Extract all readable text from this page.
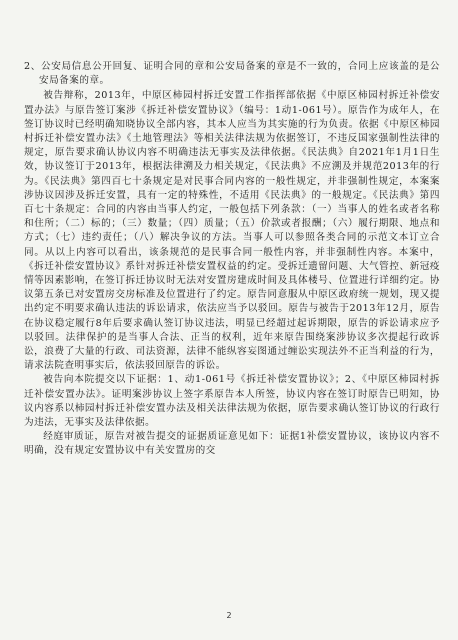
2、公安局信息公开回复、证明合同的章和公安局备案的章是不一致的，合同上应该盖的是公安局备案的章。

被告辩称，2013年，中原区柿园村拆迁安置工作指挥部依据《中原区柿园村拆迁补偿安置办法》与原告签订案涉《拆迁补偿安置协议》（编号：1动1-061号）。原告作为成年人，在签订协议时已经明确知晓协议全部内容，其本人应当为其实施的行为负责。依据《中原区柿园村拆迁补偿安置办法》《土地管理法》等相关法律法规为依据签订，不违反国家强制性法律的规定，原告要求确认协议内容不明确违法无事实及法律依据。《民法典》自2021年1月1日生效，协议签订于2013年，根据法律溯及力相关规定，《民法典》不应溯及并规范2013年的行为。《民法典》第四百七十条规定是对民事合同内容的一般性规定，并非强制性规定，本案案涉协议因涉及拆迁安置，具有一定的特殊性，不适用《民法典》的一般规定。《民法典》第四百七十条规定：合同的内容由当事人约定，一般包括下列条款：（一）当事人的姓名或者名称和住所；（二）标的；（三）数量；（四）质量；（五）价款或者报酬；（六）履行期限、地点和方式；（七）违约责任；（八）解决争议的方法。当事人可以参照各类合同的示范文本订立合同。从以上内容可以看出，该条规范的是民事合同一般性内容，并非强制性内容。本案中，《拆迁补偿安置协议》系针对拆迁补偿安置权益的约定。受拆迁遗留问题、大气管控、新冠疫情等因素影响，在签订拆迁协议时无法对安置房建成时间及具体楼号、位置进行详细约定。协议第五条已对安置房交房标准及位置进行了约定。原告同意服从中原区政府统一规划，现又提出约定不明要求确认违法的诉讼请求，依法应当予以驳回。原告与被告于2013年12月，原告在协议稳定履行8年后要求确认签订协议违法，明显已经超过起诉期限，原告的诉讼请求应予以驳回。法律保护的是当事人合法、正当的权利，近年来原告围绕案涉协议多次提起行政诉讼，浪费了大量的行政、司法资源，法律不能纵容妄图通过缠讼实现法外不正当利益的行为，请求法院查明事实后，依法驳回原告的诉讼。

被告向本院提交以下证据：1、动1-061号《拆迁补偿安置协议》；2、《中原区柿园村拆迁补偿安置办法》。证明案涉协议上签字系原告本人所签，协议内容在签订时原告已明知，协议内容系以柿园村拆迁补偿安置办法及相关法律法规为依据，原告要求确认签订协议的行政行为违法，无事实及法律依据。

经庭审质证，原告对被告提交的证据质证意见如下：证据1补偿安置协议，该协议内容不明确，没有规定安置协议中有关安置房的交

2
